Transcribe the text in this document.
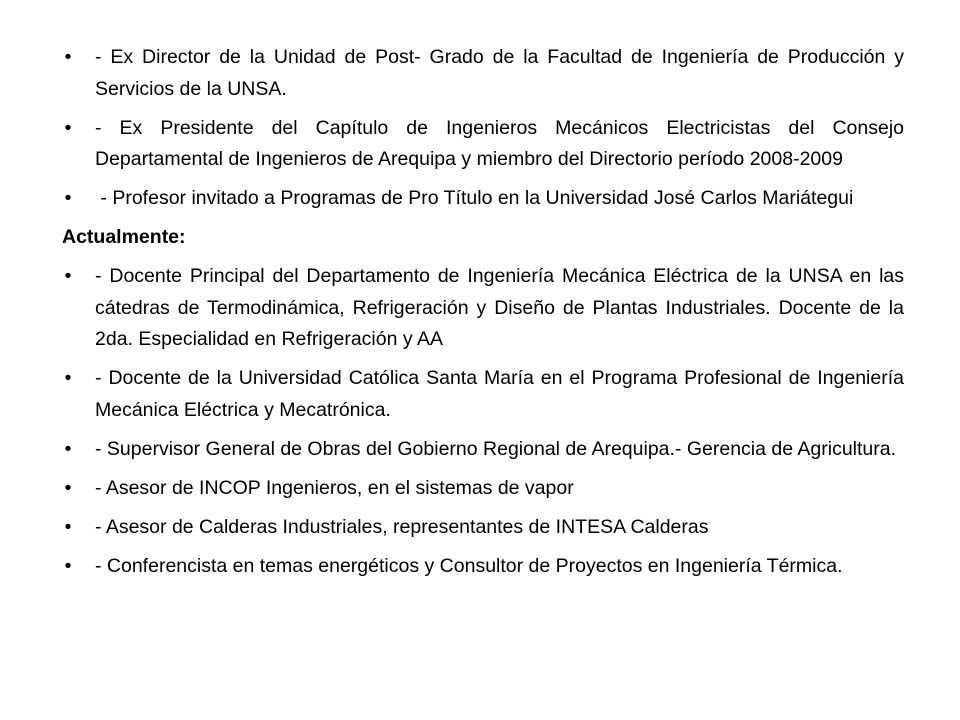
• - Ex Director de la Unidad de Post- Grado de la Facultad de Ingeniería de Producción y Servicios de la UNSA.
• - Ex Presidente del Capítulo de Ingenieros Mecánicos Electricistas del Consejo Departamental de Ingenieros de Arequipa y miembro del Directorio período 2008-2009
• - Profesor invitado a Programas de Pro Título en la Universidad José Carlos Mariátegui
Actualmente:
• - Docente Principal del Departamento de Ingeniería Mecánica Eléctrica de la UNSA en las cátedras de Termodinámica, Refrigeración y Diseño de Plantas Industriales. Docente de la 2da. Especialidad en Refrigeración y AA
• - Docente de la Universidad Católica Santa María en el Programa Profesional de Ingeniería Mecánica Eléctrica y Mecatrónica.
• - Supervisor General de Obras del Gobierno Regional de Arequipa.- Gerencia de Agricultura.
• - Asesor de INCOP Ingenieros, en el sistemas de vapor
• - Asesor de Calderas Industriales, representantes de INTESA Calderas
• - Conferencista en temas energéticos y Consultor de Proyectos en Ingeniería Térmica.
